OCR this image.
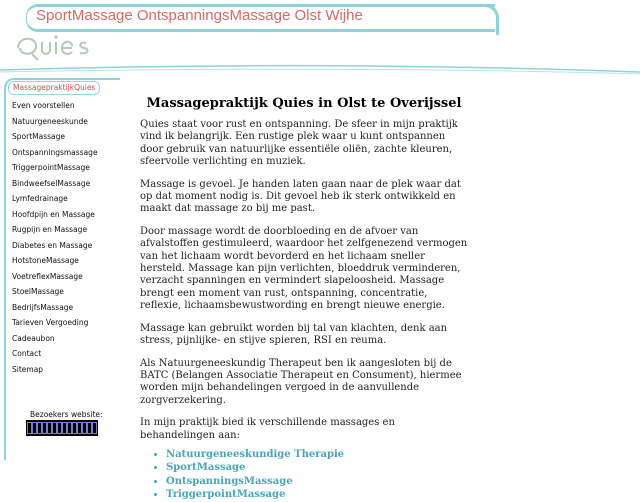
SportMassage OntspanningsMassage Olst Wijhe
MassagepraktijkQuies
Even voorstellen
Natuurgeneeskunde
SportMassage
Ontspanningsmassage
TriggerpointMassage
BindweefselMassage
Lymfedrainage
Hoofdpijn en Massage
Rugpijn en Massage
Diabetes en Massage
HotstoneMassage
VoetreflexMassage
StoelMassage
BedrijfsMassage
Tarieven Vergoeding
Cadeaubon
Contact
Sitemap
Bezoekers website:
Massagepraktijk Quies in Olst te Overijssel

Quies staat voor rust en ontspanning. De sfeer in mijn praktijk vind ik belangrijk. Een rustige plek waar u kunt ontspannen door gebruik van natuurlijke essentiële oliën, zachte kleuren, sfeervolle verlichting en muziek.

Massage is gevoel. Je handen laten gaan naar de plek waar dat op dat moment nodig is. Dit gevoel heb ik sterk ontwikkeld en maakt dat massage zo bij me past.

Door massage wordt de doorbloeding en de afvoer van afvalstoffen gestimuleerd, waardoor het zelfgenezend vermogen van het lichaam wordt bevorderd en het lichaam sneller hersteld. Massage kan pijn verlichten, bloeddruk verminderen, verzacht spanningen en vermindert slapeloosheid. Massage brengt een moment van rust, ontspanning, concentratie, reflexie, lichaamsbewustwording en brengt nieuwe energie.

Massage kan gebruikt worden bij tal van klachten, denk aan stress, pijnlijke- en stijve spieren, RSI en reuma.

Als Natuurgeneeskundig Therapeut ben ik aangesloten bij de BATC (Belangen Associatie Therapeut en Consument), hiermee worden mijn behandelingen vergoed in de aanvullende zorgverzekering.

In mijn praktijk bied ik verschillende massages en behandelingen aan:

• Natuurgeneeskundige Therapie
• SportMassage
• OntspanningsMassage
• TriggerpointMassage
